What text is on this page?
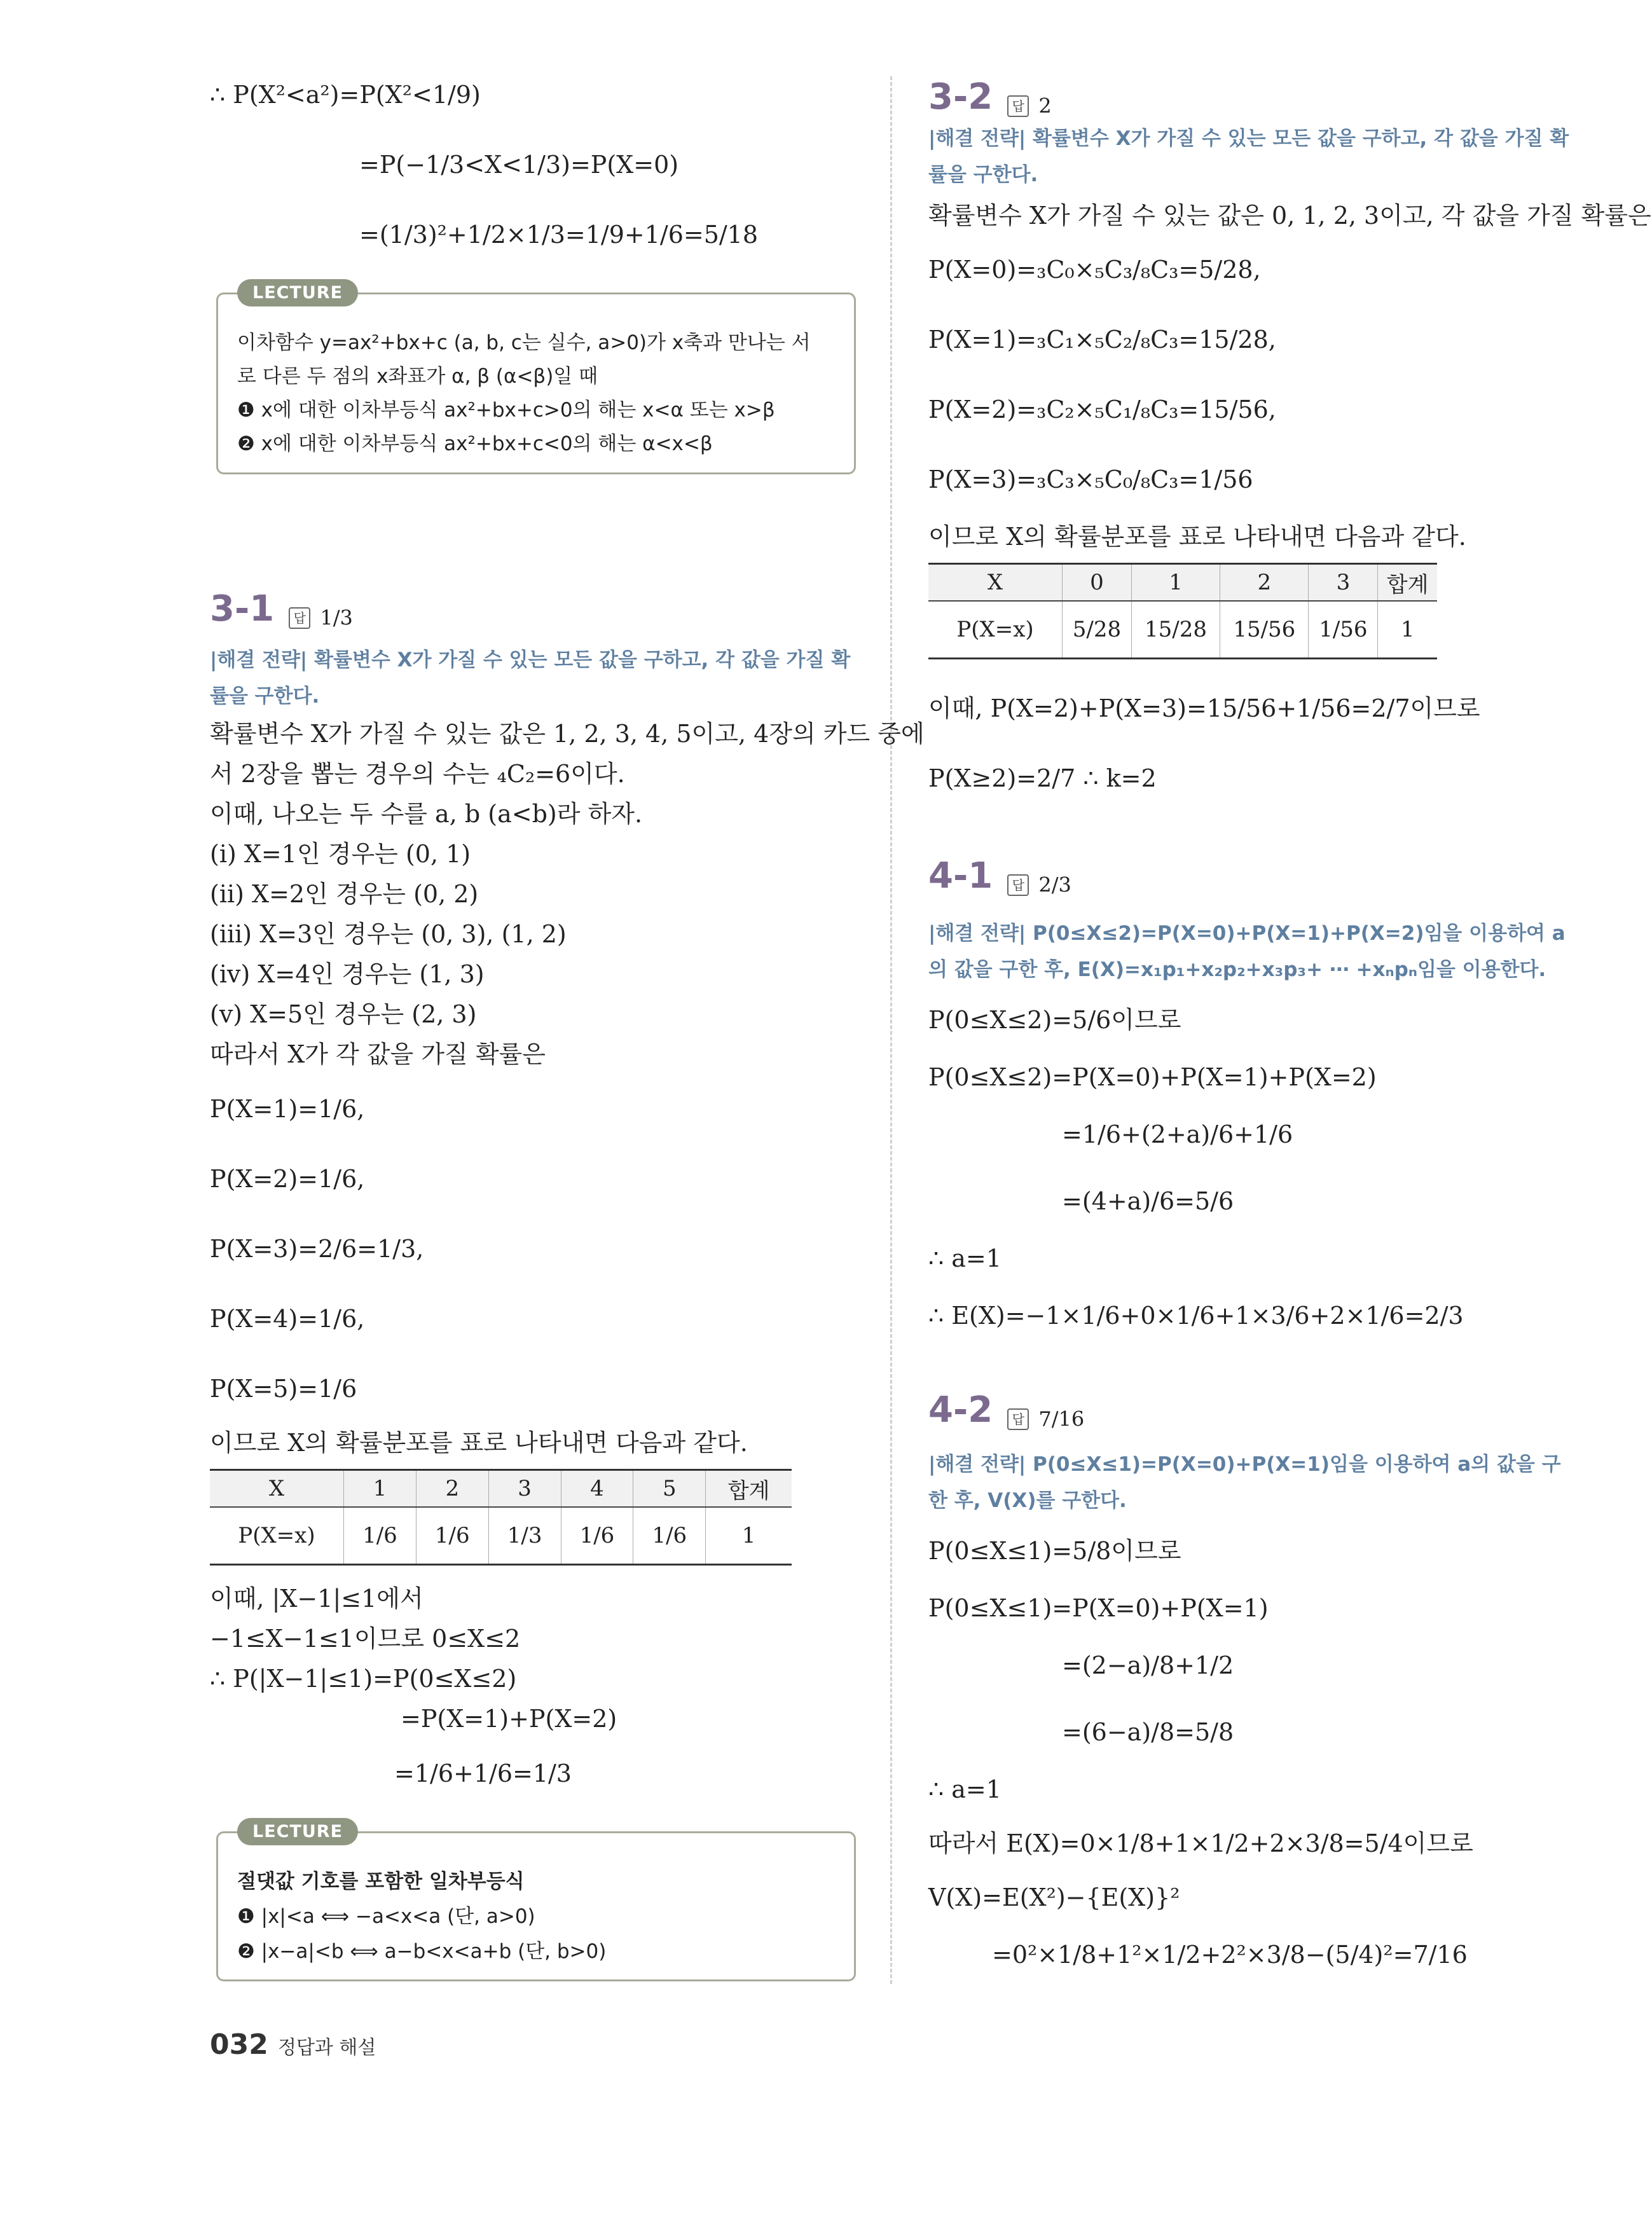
∴ P(X²<a²)=P(X²<1/9)
=P(−1/3<X<1/3)=P(X=0)
=(1/3)²+1/2×1/3=1/9+1/6=5/18
LECTURE
이차함수 y=ax²+bx+c (a, b, c는 실수, a>0)가 x축과 만나는 서
로 다른 두 점의 x좌표가 α, β (α<β)일 때
❶ x에 대한 이차부등식 ax²+bx+c>0의 해는 x<α 또는 x>β
❷ x에 대한 이차부등식 ax²+bx+c<0의 해는 α<x<β
3-1 답 1/3
|해결 전략| 확률변수 X가 가질 수 있는 모든 값을 구하고, 각 값을 가질 확률을 구한다.
확률변수 X가 가질 수 있는 값은 1, 2, 3, 4, 5이고, 4장의 카드 중에
서 2장을 뽑는 경우의 수는 ₄C₂=6이다.
이때, 나오는 두 수를 a, b (a<b)라 하자.
(i) X=1인 경우는 (0, 1)
(ii) X=2인 경우는 (0, 2)
(iii) X=3인 경우는 (0, 3), (1, 2)
(iv) X=4인 경우는 (1, 3)
(v) X=5인 경우는 (2, 3)
따라서 X가 각 값을 가질 확률은
P(X=1)=1/6,
P(X=2)=1/6,
P(X=3)=2/6=1/3,
P(X=4)=1/6,
P(X=5)=1/6
이므로 X의 확률분포를 표로 나타내면 다음과 같다.
X	1	2	3	4	5	합계
P(X=x)	1/6	1/6	1/3	1/6	1/6	1
이때, |X−1|≤1에서
−1≤X−1≤1이므로 0≤X≤2
∴ P(|X−1|≤1)=P(0≤X≤2)
=P(X=1)+P(X=2)
=1/6+1/6=1/3
LECTURE
절댓값 기호를 포함한 일차부등식
❶ |x|<a ⟺ −a<x<a (단, a>0)
❷ |x−a|<b ⟺ a−b<x<a+b (단, b>0)
3-2 답 2
|해결 전략| 확률변수 X가 가질 수 있는 모든 값을 구하고, 각 값을 가질 확률을 구한다.
확률변수 X가 가질 수 있는 값은 0, 1, 2, 3이고, 각 값을 가질 확률은
P(X=0)=₃C₀×₅C₃/₈C₃=5/28,
P(X=1)=₃C₁×₅C₂/₈C₃=15/28,
P(X=2)=₃C₂×₅C₁/₈C₃=15/56,
P(X=3)=₃C₃×₅C₀/₈C₃=1/56
이므로 X의 확률분포를 표로 나타내면 다음과 같다.
X	0	1	2	3	합계
P(X=x)	5/28	15/28	15/56	1/56	1
이때, P(X=2)+P(X=3)=15/56+1/56=2/7이므로
P(X≥2)=2/7 ∴ k=2
4-1 답 2/3
|해결 전략| P(0≤X≤2)=P(X=0)+P(X=1)+P(X=2)임을 이용하여 a의 값을 구한 후, E(X)=x₁p₁+x₂p₂+x₃p₃+ ⋯ +xₙpₙ임을 이용한다.
P(0≤X≤2)=5/6이므로
P(0≤X≤2)=P(X=0)+P(X=1)+P(X=2)
=1/6+(2+a)/6+1/6
=(4+a)/6=5/6
∴ a=1
∴ E(X)=−1×1/6+0×1/6+1×3/6+2×1/6=2/3
4-2 답 7/16
|해결 전략| P(0≤X≤1)=P(X=0)+P(X=1)임을 이용하여 a의 값을 구한 후, V(X)를 구한다.
P(0≤X≤1)=5/8이므로
P(0≤X≤1)=P(X=0)+P(X=1)
=(2−a)/8+1/2
=(6−a)/8=5/8
∴ a=1
따라서 E(X)=0×1/8+1×1/2+2×3/8=5/4이므로
V(X)=E(X²)−{E(X)}²
=0²×1/8+1²×1/2+2²×3/8−(5/4)²=7/16
032 정답과 해설
